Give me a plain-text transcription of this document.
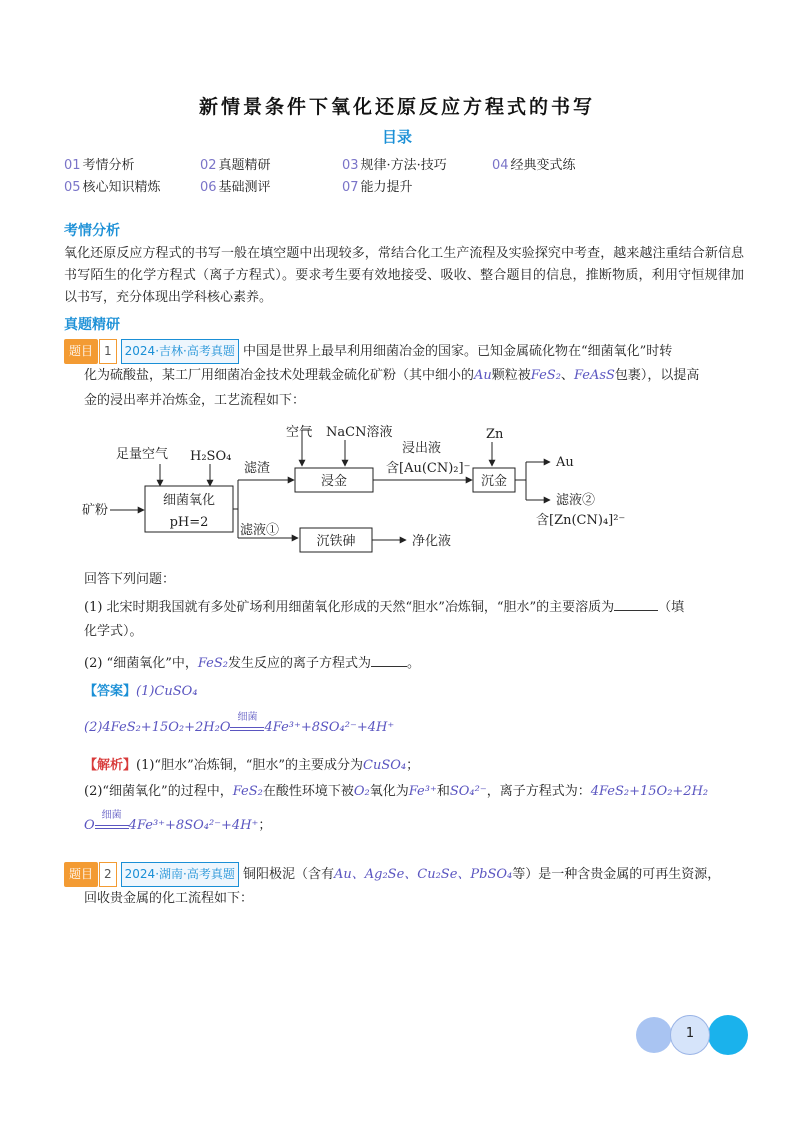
新情景条件下氧化还原反应方程式的书写
目录
01 考情分析	02 真题精研	03 规律·方法·技巧	04 经典变式练
05 核心知识精炼	06 基础测评	07 能力提升
考情分析
氧化还原反应方程式的书写一般在填空题中出现较多，常结合化工生产流程及实验探究中考查，越来越注重结合新信息书写陌生的化学方程式（离子方程式）。要求考生要有效地接受、吸收、整合题目的信息，推断物质，利用守恒规律加以书写，充分体现出学科核心素养。
真题精研
题目 1 2024·吉林·高考真题 中国是世界上最早利用细菌冶金的国家。已知金属硫化物在“细菌氧化”时转
化为硫酸盐，某工厂用细菌冶金技术处理载金硫化矿粉（其中细小的Au颗粒被FeS₂、FeAsS包裹），以提高
金的浸出率并冶炼金，工艺流程如下：
足量空气 H₂SO₄
矿粉
细菌氧化
pH=2
滤渣
滤液①
空气 NaCN溶液
浸金
浸出液
含[Au(CN)₂]⁻
Zn
沉金
Au
滤液②
含[Zn(CN)₄]²⁻
沉铁砷	净化液
回答下列问题：
(1) 北宋时期我国就有多处矿场利用细菌氧化形成的天然“胆水”冶炼铜，“胆水”的主要溶质为	（填
化学式）。
(2) “细菌氧化”中，FeS₂发生反应的离子方程式为	。
【答案】(1)CuSO₄
(2)4FeS₂+15O₂+2H₂O
细菌
4Fe³⁺+8SO₄²⁻+4H⁺
【解析】(1)“胆水”冶炼铜，“胆水”的主要成分为CuSO₄；
(2)“细菌氧化”的过程中，FeS₂在酸性环境下被O₂氧化为Fe³⁺和SO₄²⁻，离子方程式为：4FeS₂+15O₂+2H₂
O
细菌
4Fe³⁺+8SO₄²⁻+4H⁺；
题目 2 2024·湖南·高考真题 铜阳极泥（含有Au、Ag₂Se、Cu₂Se、PbSO₄等）是一种含贵金属的可再生资源，
回收贵金属的化工流程如下：
1
